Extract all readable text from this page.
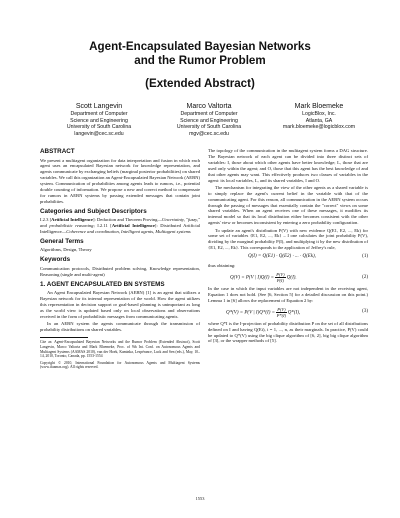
Agent-Encapsulated Bayesian Networks
and the Rumor Problem
(Extended Abstract)
Scott Langevin
Department of Computer
Science and Engineering
University of South Carolina
langevin@cec.sc.edu
Marco Valtorta
Department of Computer
Science and Engineering
University of South Carolina
mgv@cec.sc.edu
Mark Bloemeke
LogicBlox, Inc.
Atlanta, GA
mark.bloemeke@logicblox.com
ABSTRACT

We present a multiagent organization for data interpretation and fusion in which each agent uses an encapsulated Bayesian network for knowledge representation, and agents communicate by exchanging beliefs (marginal posterior probabilities) on shared variables. We call this organization an Agent-Encapsulated Bayesian Network (AEBN) system. Communication of probabilities among agents leads to rumors, i.e., potential double counting of information. We propose a new and correct method to compensate for rumors in AEBN systems by passing extended messages that contain joint probabilities.

Categories and Subject Descriptors

I.2.3 [Artificial Intelligence]: Deduction and Theorem Proving—Uncertainty, "fuzzy," and probabilistic reasoning; I.2.11 [Artificial Intelligence]: Distributed Artificial Intelligence—Coherence and coordination, Intelligent agents, Multiagent systems

General Terms

Algorithms, Design, Theory

Keywords

Communication protocols, Distributed problem solving, Knowledge representation, Reasoning (single and multi-agent)

1. AGENT ENCAPSULATED BN SYSTEMS

An Agent Encapsulated Bayesian Network (AEBN) [1] is an agent that utilizes a Bayesian network for its internal representation of the world. How the agent utilizes this representation in decision support or goal-based planning is unimportant as long as the world view is updated based only on local observations and observations received in the form of probabilistic messages from communicating agents.

In an AEBN system the agents communicate through the transmission of probability distributions on shared variables.

Cite as: Agent-Encapsulated Bayesian Networks and the Rumor Problem (Extended Abstract), Scott Langevin, Marco Valtorta and Mark Bloemeke, Proc. of 9th Int. Conf. on Autonomous Agents and Multiagent Systems (AAMAS 2010), van der Hoek, Kaminka, Lespérance, Luck and Sen (eds.), May, 10–14, 2010, Toronto, Canada, pp. 1553-1554

Copyright © 2010, International Foundation for Autonomous Agents and Multiagent Systems (www.ifaamas.org). All rights reserved.

The topology of the communication in the multiagent system forms a DAG structure. The Bayesian network of each agent can be divided into three distinct sets of variables: I, those about which other agents have better knowledge; L, those that are used only within the agent; and O, those that this agent has the best knowledge of and that other agents may want. This effectively produces two classes of variables in the agent: its local variables, L, and its shared variables, I and O.

The mechanism for integrating the view of the other agents as a shared variable is to simply replace the agent's current belief in the variable with that of the communicating agent. For this reason, all communication in the AEBN system occurs through the passing of messages that essentially contain the "correct" views on some shared variables. When an agent receives one of these messages, it modifies its internal model so that its local distribution either becomes consistent with the other agents' view or becomes inconsistent by entering a zero probability configuration.

To update an agent's distribution P(V) with new evidence Q(E1, E2, ..., Ek) for some set of variables {E1, E2, ..., Ek} – I one calculates the joint probability P(V), dividing by the marginal probability P(I), and multiplying it by the new distribution of {E1, E2, ..., Ek}. This corresponds to the application of Jeffrey's rule,

Q(I) = Q(E1) · Q(E2) · ... · Q(Ek),	(1)

thus obtaining:

Q(V) = P(V | $I)Q(I) = \frac{P(V)}{P(I)} Q(I)$.	(2)

In the case in which the input variables are not independent in the receiving agent, Equation 1 does not hold. (See [6, Section 5] for a detailed discussion on this point.) Lemma 1 in [6] allows the replacement of Equation 2 by:

Q*(V) = P(V | $I)Q*(I) = \frac{P(V)}{P*(I)} Q*(I)$,	(3)

where Q*I is the I-projection of probability distribution P on the set of all distributions defined on I and having Q(Ei), i = 1, ..., n, as their marginals. In practice, P(V) could be updated to Q*(V) using the big clique algorithm of [6, 2], big big clique algorithm of [3], or the wrapper methods of [5].

1553
